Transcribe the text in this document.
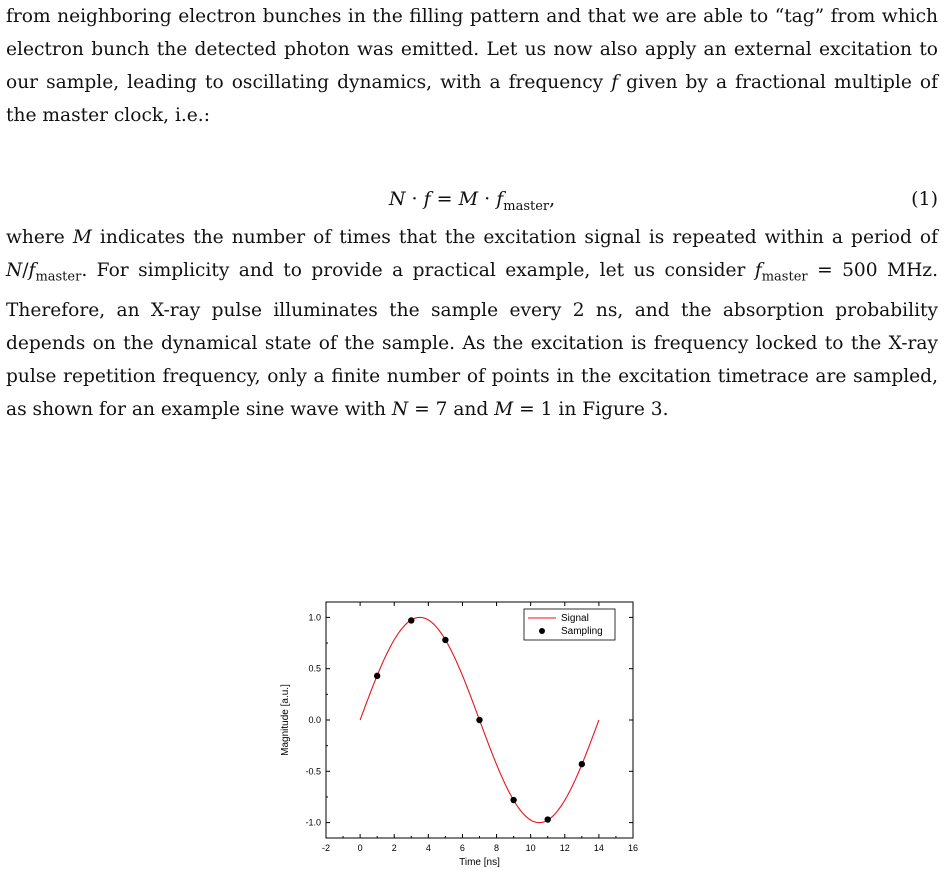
from neighboring electron bunches in the filling pattern and that we are able to “tag” from which electron bunch the detected photon was emitted. Let us now also apply an external excitation to our sample, leading to oscillating dynamics, with a frequency f given by a fractional multiple of the master clock, i.e.:

$N \cdot f = M \cdot f_{master}$,	(1)

where M indicates the number of times that the excitation signal is repeated within a period of $N/f_{master}$. For simplicity and to provide a practical example, let us consider $f_{master} = 500$ MHz. Therefore, an X-ray pulse illuminates the sample every 2 ns, and the absorption probability depends on the dynamical state of the sample. As the excitation is frequency locked to the X-ray pulse repetition frequency, only a finite number of points in the excitation timetrace are sampled, as shown for an example sine wave with N = 7 and M = 1 in Figure 3.

-2	0	2	4	6	8	10	12	14	16
-1.0
-0.5
0.0
0.5
1.0
Time [ns]
Magnitude [a.u.]
Signal
Sampling
